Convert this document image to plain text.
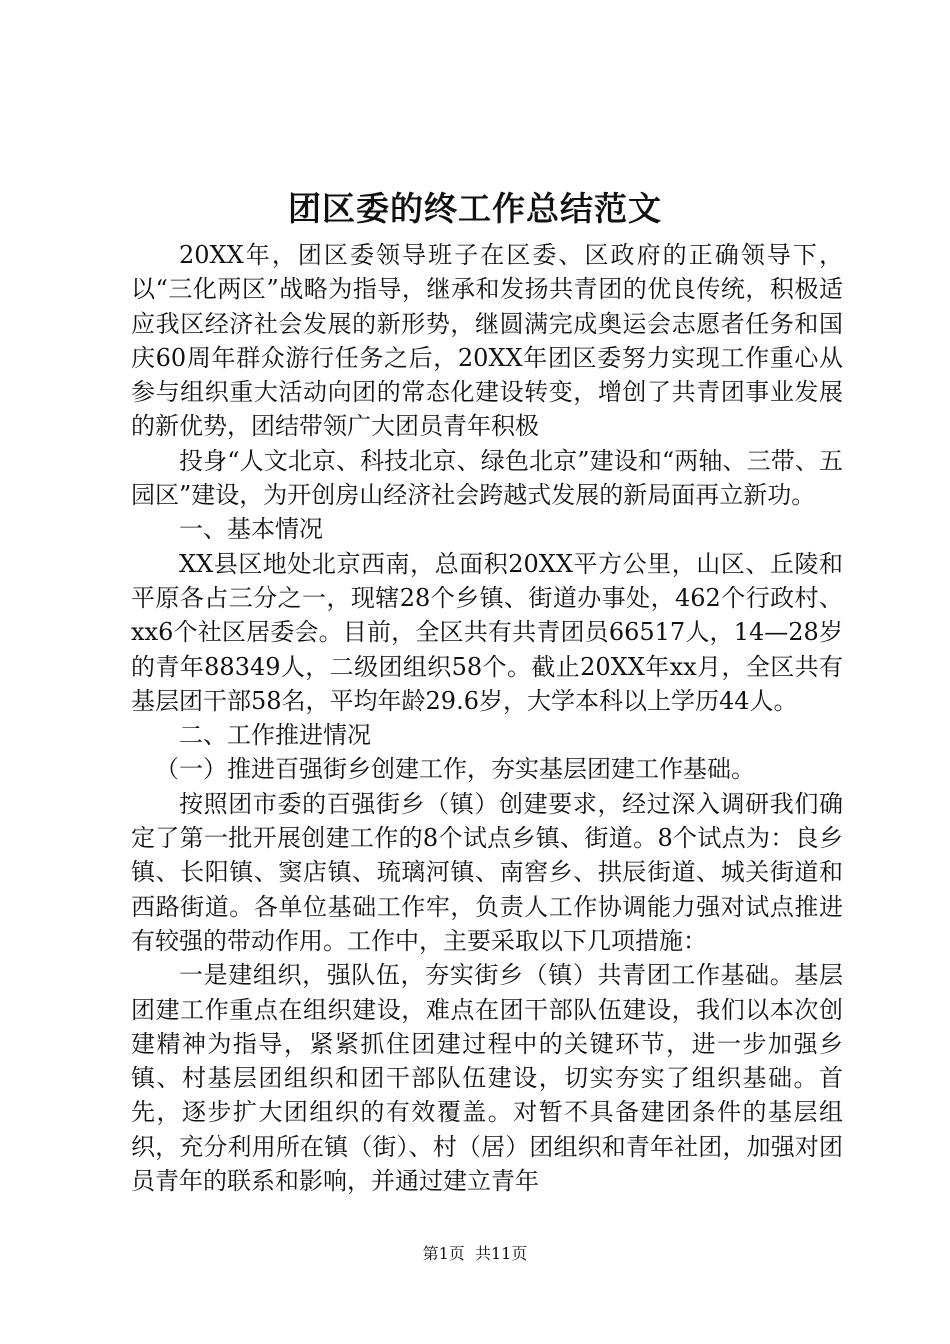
团区委的终工作总结范文

20XX年，团区委领导班子在区委、区政府的正确领导下，以“三化两区”战略为指导，继承和发扬共青团的优良传统，积极适应我区经济社会发展的新形势，继圆满完成奥运会志愿者任务和国庆60周年群众游行任务之后，20XX年团区委努力实现工作重心从参与组织重大活动向团的常态化建设转变，增创了共青团事业发展的新优势，团结带领广大团员青年积极

投身“人文北京、科技北京、绿色北京”建设和“两轴、三带、五园区”建设，为开创房山经济社会跨越式发展的新局面再立新功。

一、基本情况

XX县区地处北京西南，总面积20XX平方公里，山区、丘陵和平原各占三分之一，现辖28个乡镇、街道办事处，462个行政村、xx6个社区居委会。目前，全区共有共青团员66517人，14—28岁的青年88349人，二级团组织58个。截止20XX年xx月，全区共有基层团干部58名，平均年龄29.6岁，大学本科以上学历44人。

二、工作推进情况

（一）推进百强街乡创建工作，夯实基层团建工作基础。

按照团市委的百强街乡（镇）创建要求，经过深入调研我们确定了第一批开展创建工作的8个试点乡镇、街道。8个试点为：良乡镇、长阳镇、窦店镇、琉璃河镇、南窖乡、拱辰街道、城关街道和西路街道。各单位基础工作牢，负责人工作协调能力强对试点推进有较强的带动作用。工作中，主要采取以下几项措施：

一是建组织，强队伍，夯实街乡（镇）共青团工作基础。基层团建工作重点在组织建设，难点在团干部队伍建设，我们以本次创建精神为指导，紧紧抓住团建过程中的关键环节，进一步加强乡镇、村基层团组织和团干部队伍建设，切实夯实了组织基础。首先，逐步扩大团组织的有效覆盖。对暂不具备建团条件的基层组织，充分利用所在镇（街）、村（居）团组织和青年社团，加强对团员青年的联系和影响，并通过建立青年

第1页 共11页
